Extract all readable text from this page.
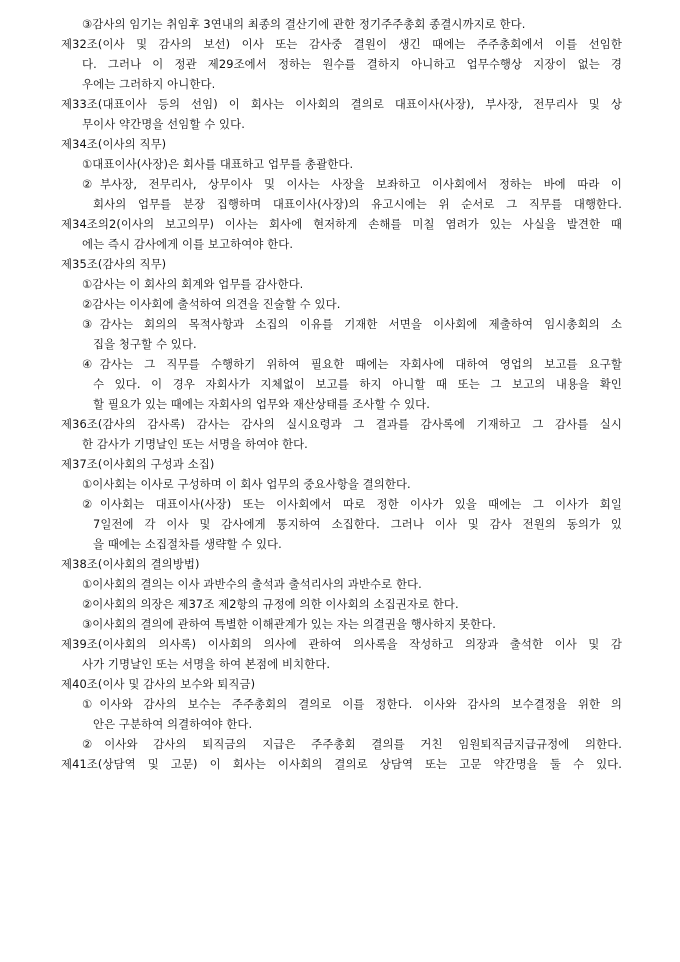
③감사의 임기는 취임후 3연내의 최종의 결산기에 관한 정기주주총회 종결시까지로 한다.
제32조(이사 및 감사의 보선) 이사 또는 감사중 결원이 생긴 때에는 주주총회에서 이를 선임한
다. 그러나 이 정관 제29조에서 정하는 원수를 결하지 아니하고 업무수행상 지장이 없는 경
우에는 그러하지 아니한다.
제33조(대표이사 등의 선임) 이 회사는 이사회의 결의로 대표이사(사장), 부사장, 전무리사 및 상
무이사 약간명을 선임할 수 있다.
제34조(이사의 직무)
①대표이사(사장)은 회사를 대표하고 업무를 총괄한다.
②부사장, 전무리사, 상무이사 및 이사는 사장을 보좌하고 이사회에서 정하는 바에 따라 이
회사의 업무를 분장 집행하며 대표이사(사장)의 유고시에는 위 순서로 그 직무를 대행한다.
제34조의2(이사의 보고의무) 이사는 회사에 현저하게 손해를 미칠 염려가 있는 사실을 발견한 때
에는 즉시 감사에게 이를 보고하여야 한다.
제35조(감사의 직무)
①감사는 이 회사의 회계와 업무를 감사한다.
②감사는 이사회에 출석하여 의견을 진술할 수 있다.
③감사는 회의의 목적사항과 소집의 이유를 기재한 서면을 이사회에 제출하여 임시총회의 소
집을 청구할 수 있다.
④감사는 그 직무를 수행하기 위하여 필요한 때에는 자회사에 대하여 영업의 보고를 요구할
수 있다. 이 경우 자회사가 지체없이 보고를 하지 아니할 때 또는 그 보고의 내용을 확인
할 필요가 있는 때에는 자회사의 업무와 재산상태를 조사할 수 있다.
제36조(감사의 감사록) 감사는 감사의 실시요령과 그 결과를 감사록에 기재하고 그 감사를 실시
한 감사가 기명날인 또는 서명을 하여야 한다.
제37조(이사회의 구성과 소집)
①이사회는 이사로 구성하며 이 회사 업무의 중요사항을 결의한다.
②이사회는 대표이사(사장) 또는 이사회에서 따로 정한 이사가 있을 때에는 그 이사가 회일
7일전에 각 이사 및 감사에게 통지하여 소집한다. 그러나 이사 및 감사 전원의 동의가 있
을 때에는 소집절차를 생략할 수 있다.
제38조(이사회의 결의방법)
①이사회의 결의는 이사 과반수의 출석과 출석리사의 과반수로 한다.
②이사회의 의장은 제37조 제2항의 규정에 의한 이사회의 소집권자로 한다.
③이사회의 결의에 관하여 특별한 이해관계가 있는 자는 의결권을 행사하지 못한다.
제39조(이사회의 의사록) 이사회의 의사에 관하여 의사록을 작성하고 의장과 출석한 이사 및 감
사가 기명날인 또는 서명을 하여 본점에 비치한다.
제40조(이사 및 감사의 보수와 퇴직금)
①이사와 감사의 보수는 주주총회의 결의로 이를 정한다. 이사와 감사의 보수결정을 위한 의
안은 구분하여 의결하여야 한다.
②이사와 감사의 퇴직금의 지급은 주주총회 결의를 거친 임원퇴직금지급규정에 의한다.
제41조(상담역 및 고문) 이 회사는 이사회의 결의로 상담역 또는 고문 약간명을 둘 수 있다.
